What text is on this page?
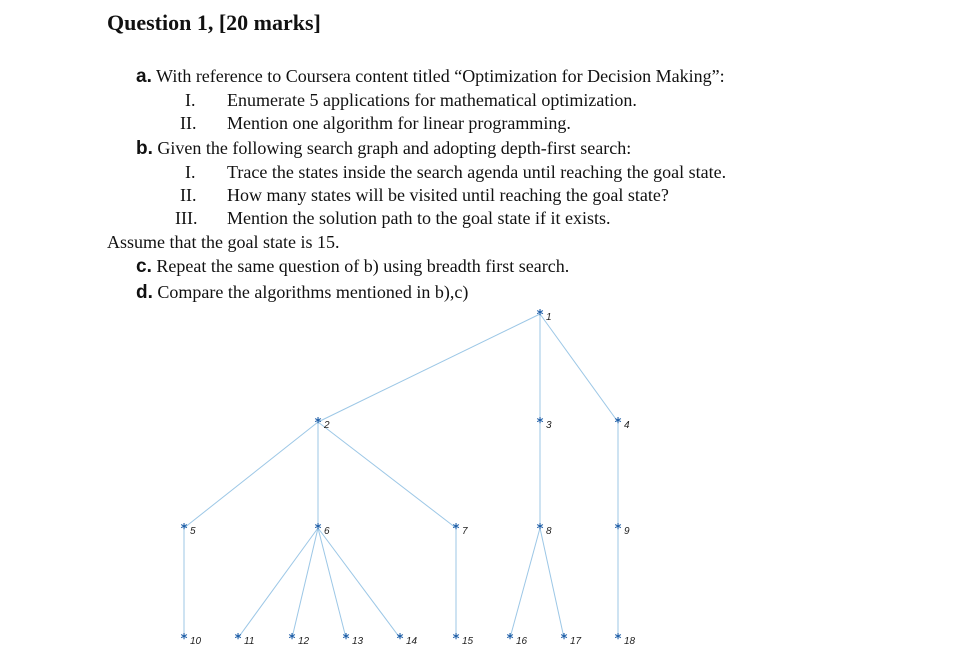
Question 1, [20 marks]
a. With reference to Coursera content titled “Optimization for Decision Making”:
I.	Enumerate 5 applications for mathematical optimization.
II.	Mention one algorithm for linear programming.
b. Given the following search graph and adopting depth-first search:
I.	Trace the states inside the search agenda until reaching the goal state.
II.	How many states will be visited until reaching the goal state?
III.	Mention the solution path to the goal state if it exists.
Assume that the goal state is 15.
c. Repeat the same question of b) using breadth first search.
d. Compare the algorithms mentioned in b),c)
* 1
* 2	* 3	* 4
* 5	* 6	* 7	* 8	* 9
* 10	* 11	* 12	* 13	* 14	* 15	* 16	* 17	* 18
